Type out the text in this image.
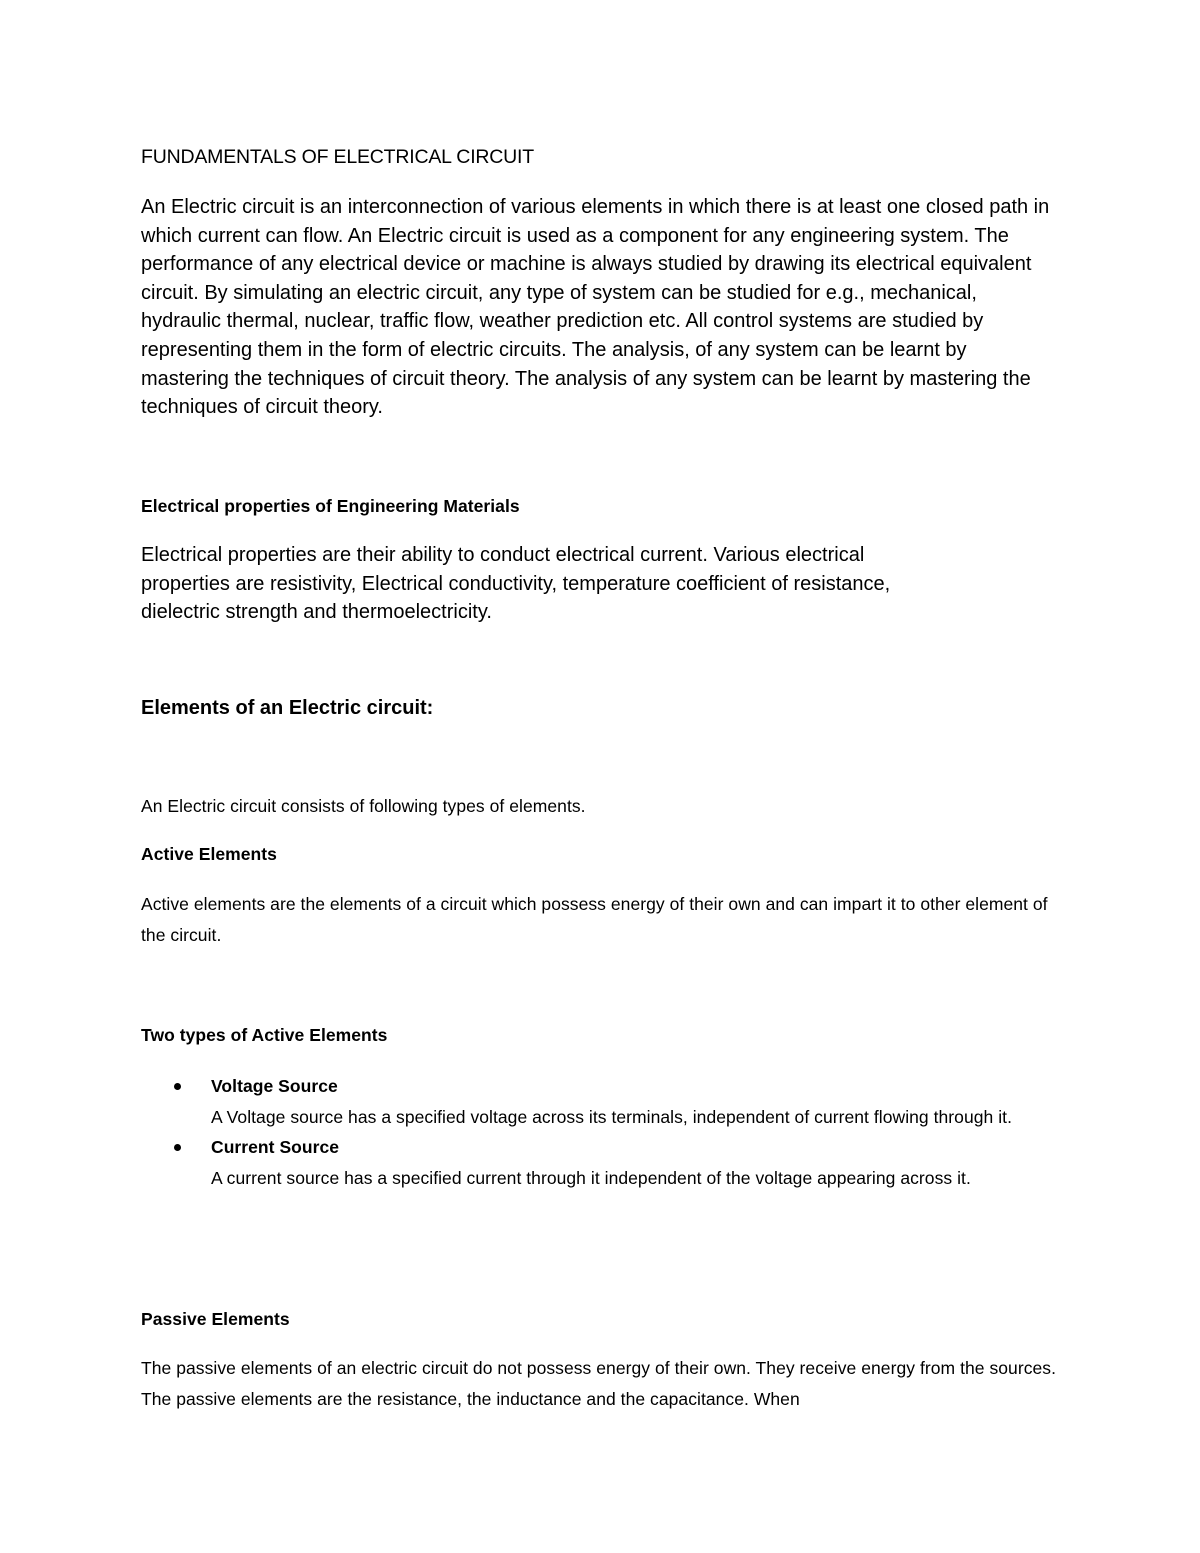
FUNDAMENTALS OF ELECTRICAL CIRCUIT

An Electric circuit is an interconnection of various elements in which there is at least one closed path in which current can flow. An Electric circuit is used as a component for any engineering system. The performance of any electrical device or machine is always studied by drawing its electrical equivalent circuit. By simulating an electric circuit, any type of system can be studied for e.g., mechanical, hydraulic thermal, nuclear, traffic flow, weather prediction etc. All control systems are studied by representing them in the form of electric circuits. The analysis, of any system can be learnt by mastering the techniques of circuit theory. The analysis of any system can be learnt by mastering the techniques of circuit theory.

Electrical properties of Engineering Materials

Electrical properties are their ability to conduct electrical current. Various electrical properties are resistivity, Electrical conductivity, temperature coefficient of resistance, dielectric strength and thermoelectricity.

Elements of an Electric circuit:
An Electric circuit consists of following types of elements.
Active Elements

Active elements are the elements of a circuit which possess energy of their own and can impart it to other element of the circuit.

Two types of Active Elements
Voltage Source
A Voltage source has a specified voltage across its terminals, independent of current flowing through it.
Current Source
A current source has a specified current through it independent of the voltage appearing across it.
Passive Elements

The passive elements of an electric circuit do not possess energy of their own. They receive energy from the sources. The passive elements are the resistance, the inductance and the capacitance. When
